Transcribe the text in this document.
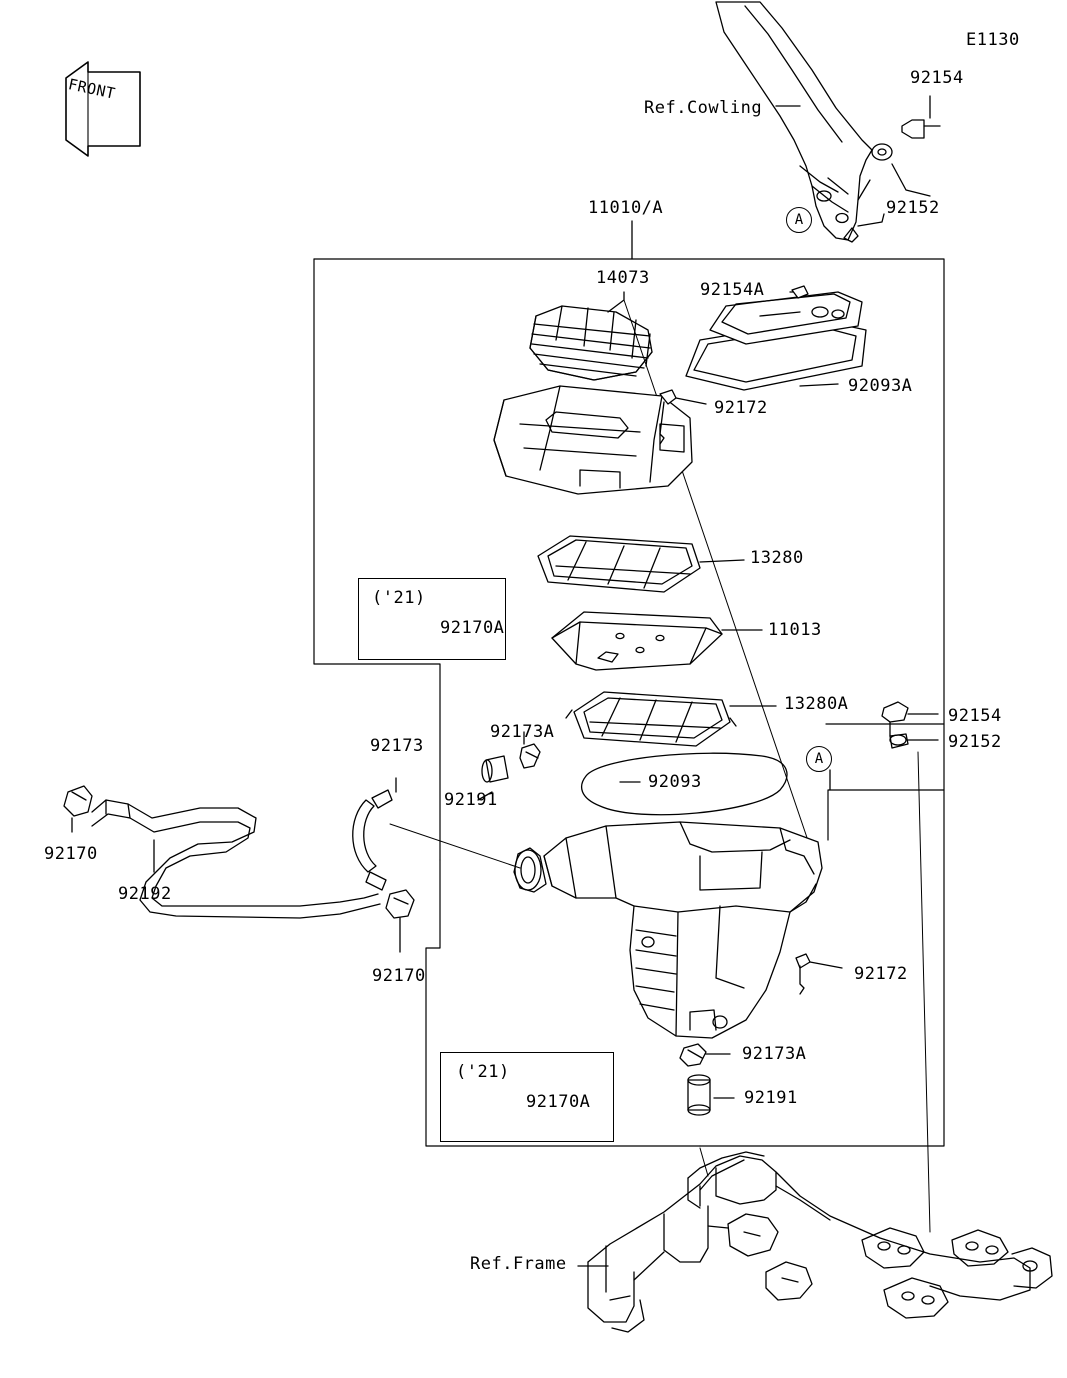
('21)
('21)
A
A
E1130
Ref.Cowling
92154
92152
11010/A
14073
92154A
92093A
92172
13280
11013
13280A
92154
92152
92173A
92093
92173
92191
92170
92192
92170	92172
92173A
92191
92170A
92170A
Ref.Frame
FRONT
